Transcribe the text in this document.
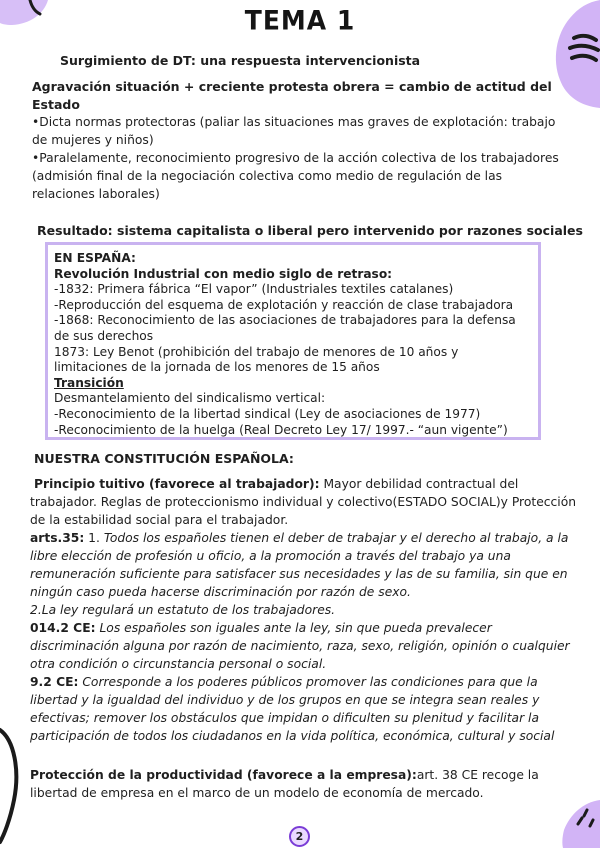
TEMA 1
Surgimiento de DT: una respuesta intervencionista
Agravación situación + creciente protesta obrera = cambio de actitud del Estado

•Dicta normas protectoras (paliar las situaciones mas graves de explotación: trabajo de mujeres y niños)

•Paralelamente, reconocimiento progresivo de la acción colectiva de los trabajadores (admisión final de la negociación colectiva como medio de regulación de las relaciones laborales)

Resultado: sistema capitalista o liberal pero intervenido por razones sociales

EN ESPAÑA:

Revolución Industrial con medio siglo de retraso:

-1832: Primera fábrica “El vapor” (Industriales textiles catalanes)

-Reproducción del esquema de explotación y reacción de clase trabajadora

-1868: Reconocimiento de las asociaciones de trabajadores para la defensa de sus derechos

1873: Ley Benot (prohibición del trabajo de menores de 10 años y limitaciones de la jornada de los menores de 15 años

Transición

Desmantelamiento del sindicalismo vertical:

-Reconocimiento de la libertad sindical (Ley de asociaciones de 1977)

-Reconocimiento de la huelga (Real Decreto Ley 17/ 1997.- “aun vigente”)

NUESTRA CONSTITUCIÓN ESPAÑOLA:

Principio tuitivo (favorece al trabajador): Mayor debilidad contractual del trabajador. Reglas de proteccionismo individual y colectivo(ESTADO SOCIAL)y Protección de la estabilidad social para el trabajador.

arts.35: 1. Todos los españoles tienen el deber de trabajar y el derecho al trabajo, a la libre elección de profesión u oficio, a la promoción a través del trabajo ya una remuneración suficiente para satisfacer sus necesidades y las de su familia, sin que en ningún caso pueda hacerse discriminación por razón de sexo.

2.La ley regulará un estatuto de los trabajadores.

014.2 CE: Los españoles son iguales ante la ley, sin que pueda prevalecer discriminación alguna por razón de nacimiento, raza, sexo, religión, opinión o cualquier otra condición o circunstancia personal o social.

9.2 CE: Corresponde a los poderes públicos promover las condiciones para que la libertad y la igualdad del individuo y de los grupos en que se integra sean reales y efectivas; remover los obstáculos que impidan o dificulten su plenitud y facilitar la participación de todos los ciudadanos en la vida política, económica, cultural y social

Protección de la productividad (favorece a la empresa):art. 38 CE recoge la libertad de empresa en el marco de un modelo de economía de mercado.
2
